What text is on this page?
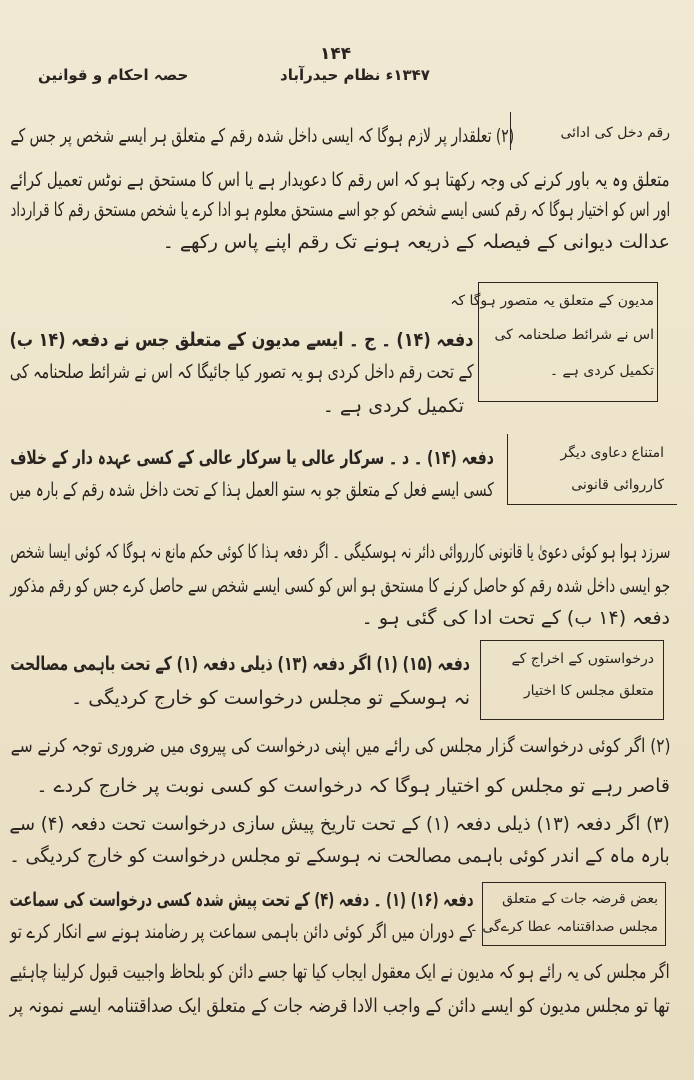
۱۴۴
۱۳۴۷ء نظام حیدرآباد
حصہ احکام و قوانین
رقم دخل کی ادائی
(۲) تعلقدار پر لازم ہوگا کہ ایسی داخل شدہ رقم کے متعلق ہر ایسے شخص پر جس کے
متعلق وہ یہ باور کرنے کی وجہ رکھتا ہو کہ اس رقم کا دعویدار ہے یا اس کا مستحق ہے نوٹس تعمیل کرائے
اور اس کو اختیار ہوگا کہ رقم کسی ایسے شخص کو جو اسے مستحق معلوم ہو ادا کرے یا شخص مستحق رقم کا قرارداد
عدالت دیوانی کے فیصلہ کے ذریعہ ہونے تک رقم اپنے پاس رکھے ۔
مدیون کے متعلق یہ متصور ہوگا کہ
اس نے شرائط صلحنامہ کی
تکمیل کردی ہے ۔
دفعہ (۱۴) ۔ ج ۔ ایسے مدیون کے متعلق جس نے دفعہ (۱۴ ب)
کے تحت رقم داخل کردی ہو یہ تصور کیا جائیگا کہ اس نے شرائط صلحنامہ کی
تکمیل کردی ہے ۔
امتناع دعاوی دیگر
کارروائی قانونی
دفعہ (۱۴) ۔ د ۔ سرکار عالی یا سرکار عالی کے کسی عہدہ دار کے خلاف
کسی ایسے فعل کے متعلق جو بہ ستو العمل ہذا کے تحت داخل شدہ رقم کے بارہ میں
سرزد ہوا ہو کوئی دعویٰ یا قانونی کارروائی دائر نہ ہوسکیگی ۔ اگر دفعہ ہذا کا کوئی حکم مانع نہ ہوگا کہ کوئی ایسا شخص
جو ایسی داخل شدہ رقم کو حاصل کرنے کا مستحق ہو اس کو کسی ایسے شخص سے حاصل کرے جس کو رقم مذکور
دفعہ (۱۴ ب) کے تحت ادا کی گئی ہو ۔
درخواستوں کے اخراج کے
متعلق مجلس کا اختیار
دفعہ (۱۵) (۱) اگر دفعہ (۱۳) ذیلی دفعہ (۱) کے تحت باہمی مصالحت
نہ ہوسکے تو مجلس درخواست کو خارج کردیگی ۔
(۲) اگر کوئی درخواست گزار مجلس کی رائے میں اپنی درخواست کی پیروی میں ضروری توجہ کرنے سے
قاصر رہے تو مجلس کو اختیار ہوگا کہ درخواست کو کسی نوبت پر خارج کردے ۔
(۳) اگر دفعہ (۱۳) ذیلی دفعہ (۱) کے تحت تاریخ پیش سازی درخواست تحت دفعہ (۴) سے
بارہ ماہ کے اندر کوئی باہمی مصالحت نہ ہوسکے تو مجلس درخواست کو خارج کردیگی ۔
بعض قرضہ جات کے متعلق
مجلس صداقتنامہ عطا کرےگی ۔
دفعہ (۱۶) (۱) ۔ دفعہ (۴) کے تحت پیش شدہ کسی درخواست کی سماعت
کے دوران میں اگر کوئی دائن باہمی سماعت پر رضامند ہونے سے انکار کرے تو
اگر مجلس کی یہ رائے ہو کہ مدیون نے ایک معقول ایجاب کیا تھا جسے دائن کو بلحاظ واجبیت قبول کرلینا چاہئیے
تھا تو مجلس مدیون کو ایسے دائن کے واجب الادا قرضہ جات کے متعلق ایک صداقتنامہ ایسے نمونہ پر
